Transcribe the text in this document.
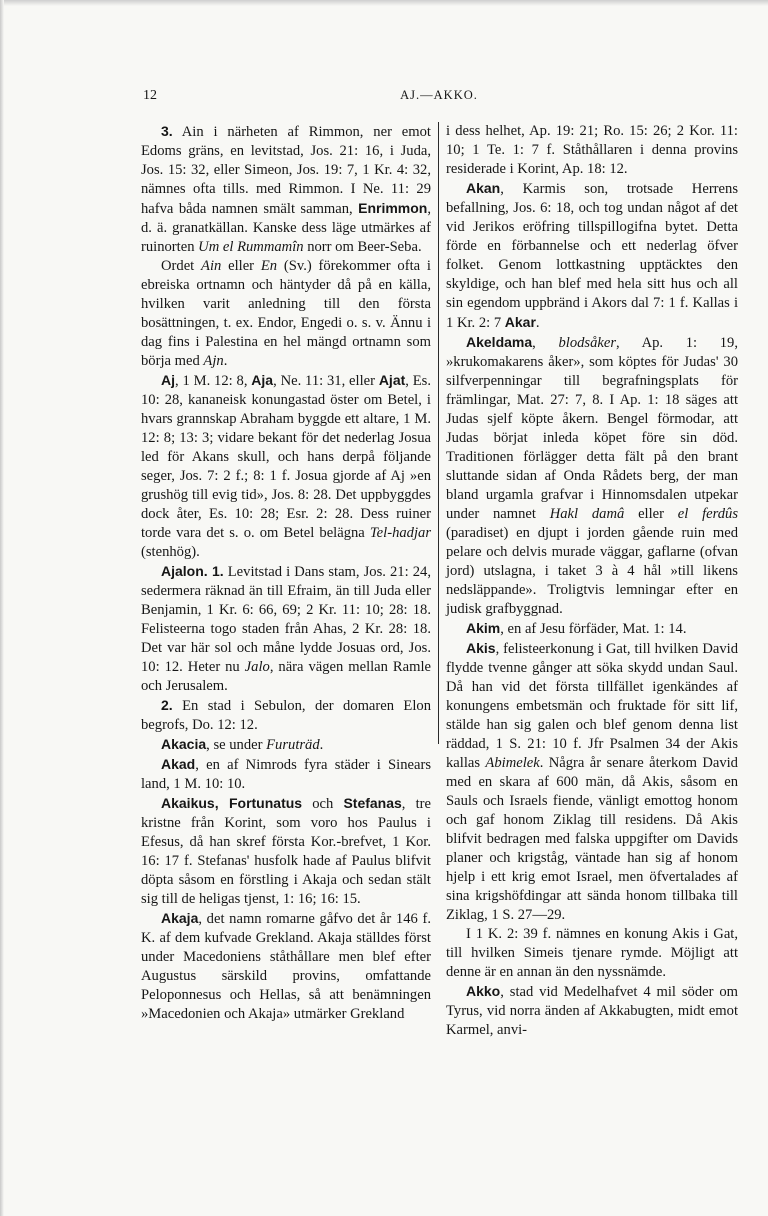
12	AJ.—AKKO.

3. Ain i närheten af Rimmon, ner emot Edoms gräns, en levitstad, Jos. 21: 16, i Juda, Jos. 15: 32, eller Simeon, Jos. 19: 7, 1 Kr. 4: 32, nämnes ofta tills. med Rimmon. I Ne. 11: 29 hafva båda namnen smält samman, Enrimmon, d. ä. granatkällan. Kanske dess läge utmärkes af ruinorten Um el Rummamîn norr om Beer-Seba.

Ordet Ain eller En (Sv.) förekommer ofta i ebreiska ortnamn och häntyder då på en källa, hvilken varit anledning till den första bosättningen, t. ex. Endor, Engedi o. s. v. Ännu i dag fins i Palestina en hel mängd ortnamn som börja med Ajn.

Aj, 1 M. 12: 8, Aja, Ne. 11: 31, eller Ajat, Es. 10: 28, kananeisk konungastad öster om Betel, i hvars grannskap Abraham byggde ett altare, 1 M. 12: 8; 13: 3; vidare bekant för det nederlag Josua led för Akans skull, och hans derpå följande seger, Jos. 7: 2 f.; 8: 1 f. Josua gjorde af Aj »en grushög till evig tid», Jos. 8: 28. Det uppbyggdes dock åter, Es. 10: 28; Esr. 2: 28. Dess ruiner torde vara det s. o. om Betel belägna Tel-hadjar (stenhög).

Ajalon. 1. Levitstad i Dans stam, Jos. 21: 24, sedermera räknad än till Efraim, än till Juda eller Benjamin, 1 Kr. 6: 66, 69; 2 Kr. 11: 10; 28: 18. Felisteerna togo staden från Ahas, 2 Kr. 28: 18. Det var här sol och måne lydde Josuas ord, Jos. 10: 12. Heter nu Jalo, nära vägen mellan Ramle och Jerusalem.

2. En stad i Sebulon, der domaren Elon begrofs, Do. 12: 12.

Akacia, se under Furuträd.

Akad, en af Nimrods fyra städer i Sinears land, 1 M. 10: 10.

Akaikus, Fortunatus och Stefanas, tre kristne från Korint, som voro hos Paulus i Efesus, då han skref första Kor.-brefvet, 1 Kor. 16: 17 f. Stefanas' husfolk hade af Paulus blifvit döpta såsom en förstling i Akaja och sedan stält sig till de heligas tjenst, 1: 16; 16: 15.

Akaja, det namn romarne gåfvo det år 146 f. K. af dem kufvade Grekland. Akaja ställdes först under Macedoniens ståthållare men blef efter Augustus särskild provins, omfattande Peloponnesus och Hellas, så att benämningen »Macedonien och Akaja» utmärker Grekland

i dess helhet, Ap. 19: 21; Ro. 15: 26; 2 Kor. 11: 10; 1 Te. 1: 7 f. Ståthållaren i denna provins residerade i Korint, Ap. 18: 12.

Akan, Karmis son, trotsade Herrens befallning, Jos. 6: 18, och tog undan något af det vid Jerikos eröfring tillspillogifna bytet. Detta förde en förbannelse och ett nederlag öfver folket. Genom lottkastning upptäcktes den skyldige, och han blef med hela sitt hus och all sin egendom uppbränd i Akors dal 7: 1 f. Kallas i 1 Kr. 2: 7 Akar.

Akeldama, blodsåker, Ap. 1: 19, »krukomakarens åker», som köptes för Judas' 30 silfverpenningar till begrafningsplats för främlingar, Mat. 27: 7, 8. I Ap. 1: 18 säges att Judas sjelf köpte åkern. Bengel förmodar, att Judas börjat inleda köpet före sin död. Traditionen förlägger detta fält på den brant sluttande sidan af Onda Rådets berg, der man bland urgamla grafvar i Hinnomsdalen utpekar under namnet Hakl damâ eller el ferdûs (paradiset) en djupt i jorden gående ruin med pelare och delvis murade väggar, gaflarne (ofvan jord) utslagna, i taket 3 à 4 hål »till likens nedsläppande». Troligtvis lemningar efter en judisk grafbyggnad.

Akim, en af Jesu förfäder, Mat. 1: 14.

Akis, felisteerkonung i Gat, till hvilken David flydde tvenne gånger att söka skydd undan Saul. Då han vid det första tillfället igenkändes af konungens embetsmän och fruktade för sitt lif, stälde han sig galen och blef genom denna list räddad, 1 S. 21: 10 f. Jfr Psalmen 34 der Akis kallas Abimelek. Några år senare återkom David med en skara af 600 män, då Akis, såsom en Sauls och Israels fiende, vänligt emottog honom och gaf honom Ziklag till residens. Då Akis blifvit bedragen med falska uppgifter om Davids planer och krigståg, väntade han sig af honom hjelp i ett krig emot Israel, men öfvertalades af sina krigshöfdingar att sända honom tillbaka till Ziklag, 1 S. 27—29.

I 1 K. 2: 39 f. nämnes en konung Akis i Gat, till hvilken Simeis tjenare rymde. Möjligt att denne är en annan än den nyssnämde.

Akko, stad vid Medelhafvet 4 mil söder om Tyrus, vid norra änden af Akkabugten, midt emot Karmel, anvi-
